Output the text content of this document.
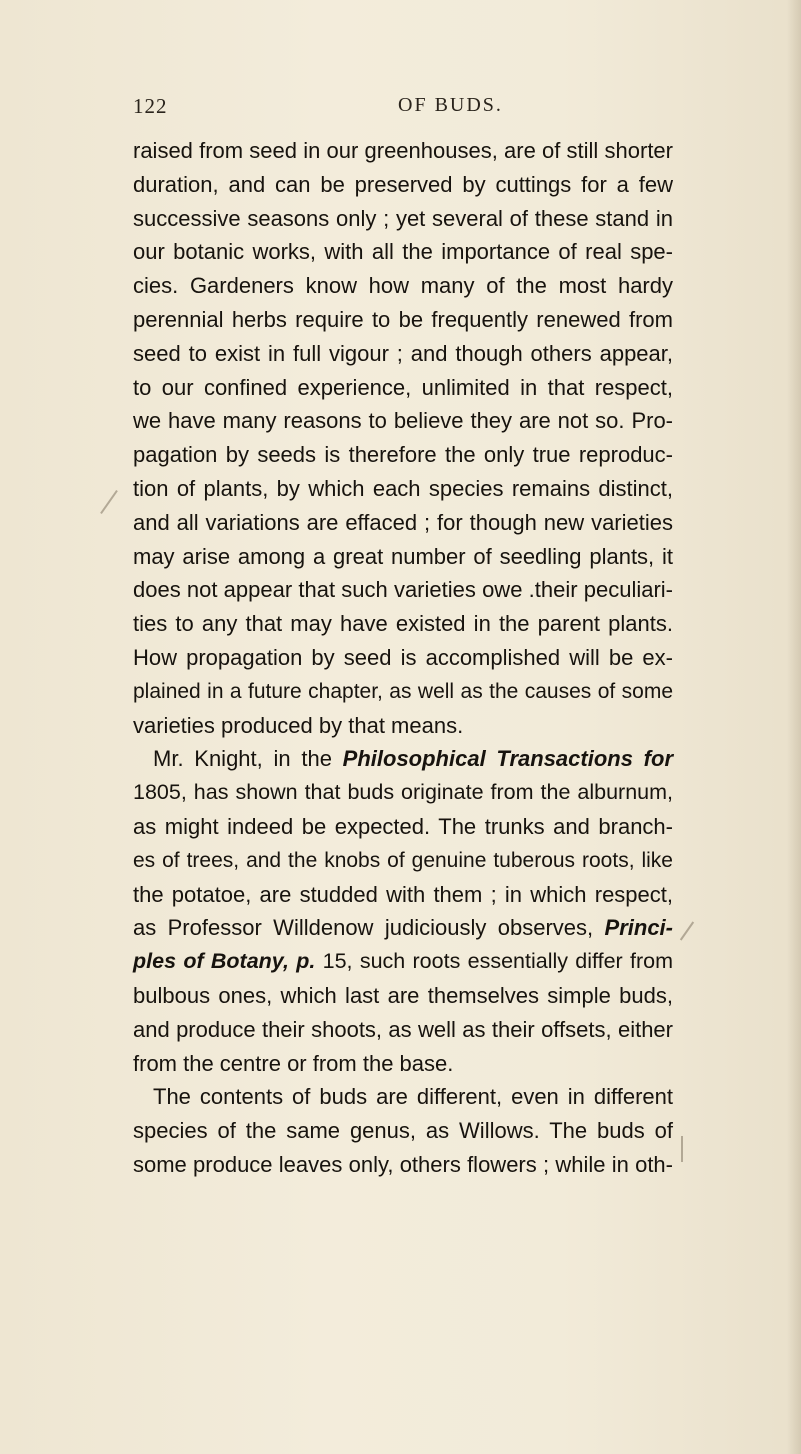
122	OF BUDS.
raised from seed in our greenhouses, are of still shorter
duration, and can be preserved by cuttings for a few
successive seasons only ; yet several of these stand in
our botanic works, with all the importance of real spe-
cies. Gardeners know how many of the most hardy
perennial herbs require to be frequently renewed from
seed to exist in full vigour ; and though others appear,
to our confined experience, unlimited in that respect,
we have many reasons to believe they are not so. Pro-
pagation by seeds is therefore the only true reproduc-
tion of plants, by which each species remains distinct,
and all variations are effaced ; for though new varieties
may arise among a great number of seedling plants, it
does not appear that such varieties owe .their peculiari-
ties to any that may have existed in the parent plants.
How propagation by seed is accomplished will be ex-
plained in a future chapter, as well as the causes of some
varieties produced by that means.
Mr. Knight, in the Philosophical Transactions for
1805, has shown that buds originate from the alburnum,
as might indeed be expected. The trunks and branch-
es of trees, and the knobs of genuine tuberous roots, like
the potatoe, are studded with them ; in which respect,
as Professor Willdenow judiciously observes, Princi-
ples of Botany, p. 15, such roots essentially differ from
bulbous ones, which last are themselves simple buds,
and produce their shoots, as well as their offsets, either
from the centre or from the base.
The contents of buds are different, even in different
species of the same genus, as Willows. The buds of
some produce leaves only, others flowers ; while in oth-
